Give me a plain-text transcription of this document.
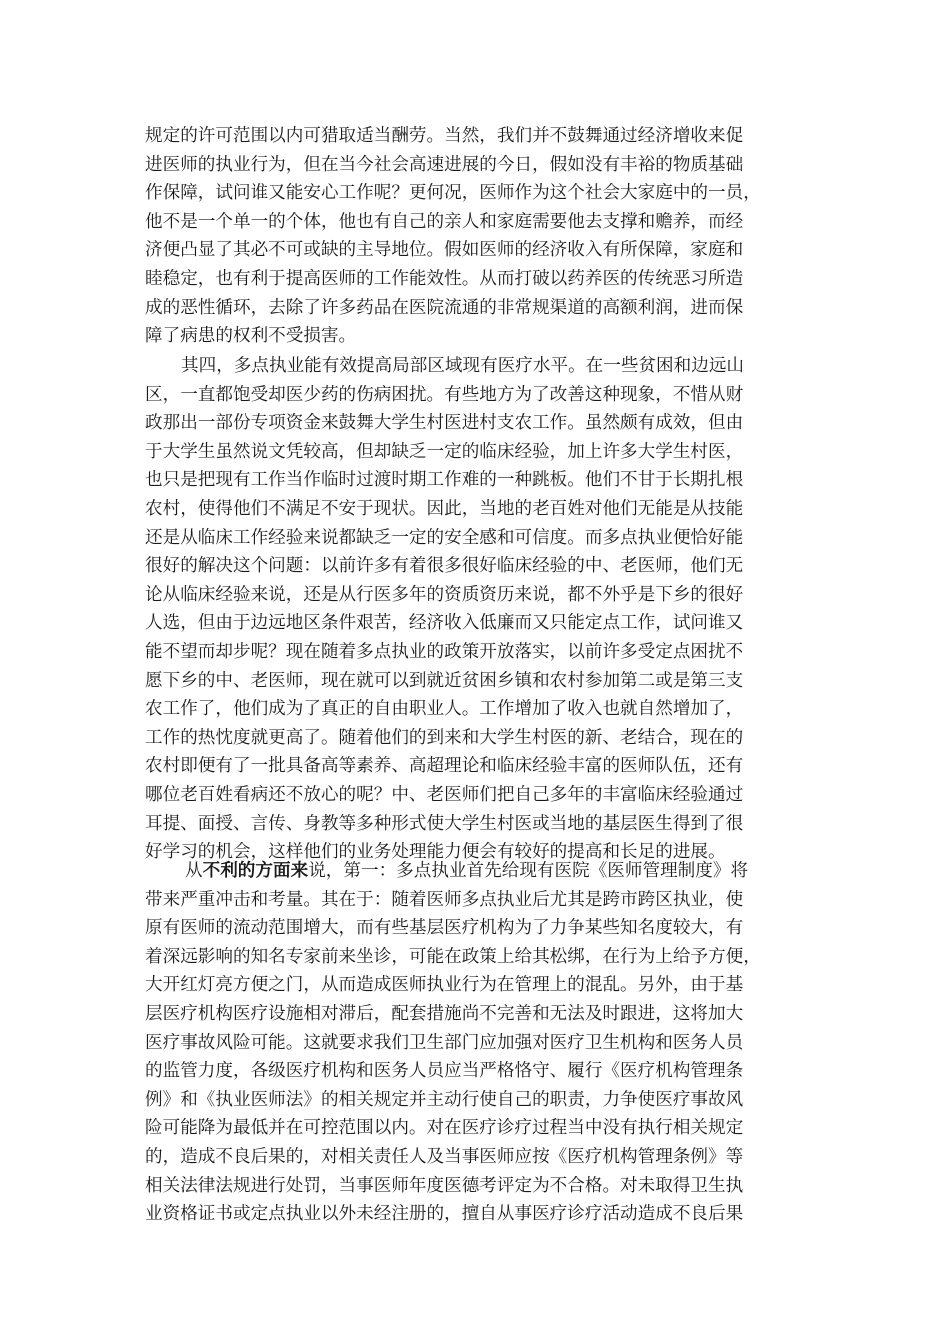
规定的许可范围以内可猎取适当酬劳。当然，我们并不鼓舞通过经济增收来促
进医师的执业行为，但在当今社会高速进展的今日，假如没有丰裕的物质基础
作保障，试问谁又能安心工作呢？更何况，医师作为这个社会大家庭中的一员，
他不是一个单一的个体，他也有自己的亲人和家庭需要他去支撑和赡养，而经
济便凸显了其必不可或缺的主导地位。假如医师的经济收入有所保障，家庭和
睦稳定，也有利于提高医师的工作能效性。从而打破以药养医的传统恶习所造
成的恶性循环，去除了许多药品在医院流通的非常规渠道的高额利润，进而保
障了病患的权利不受损害。
其四，多点执业能有效提高局部区域现有医疗水平。在一些贫困和边远山
区，一直都饱受却医少药的伤病困扰。有些地方为了改善这种现象，不惜从财
政那出一部份专项资金来鼓舞大学生村医进村支农工作。虽然颇有成效，但由
于大学生虽然说文凭较高，但却缺乏一定的临床经验，加上许多大学生村医，
也只是把现有工作当作临时过渡时期工作难的一种跳板。他们不甘于长期扎根
农村，使得他们不满足不安于现状。因此，当地的老百姓对他们无能是从技能
还是从临床工作经验来说都缺乏一定的安全感和可信度。而多点执业便恰好能
很好的解决这个问题：以前许多有着很多很好临床经验的中、老医师，他们无
论从临床经验来说，还是从行医多年的资质资历来说，都不外乎是下乡的很好
人选，但由于边远地区条件艰苦，经济收入低廉而又只能定点工作，试问谁又
能不望而却步呢？现在随着多点执业的政策开放落实，以前许多受定点困扰不
愿下乡的中、老医师，现在就可以到就近贫困乡镇和农村参加第二或是第三支
农工作了，他们成为了真正的自由职业人。工作增加了收入也就自然增加了，
工作的热忱度就更高了。随着他们的到来和大学生村医的新、老结合，现在的
农村即便有了一批具备高等素养、高超理论和临床经验丰富的医师队伍，还有
哪位老百姓看病还不放心的呢？中、老医师们把自己多年的丰富临床经验通过
耳提、面授、言传、身教等多种形式使大学生村医或当地的基层医生得到了很
好学习的机会，这样他们的业务处理能力便会有较好的提高和长足的进展。
从不利的方面来说，第一：多点执业首先给现有医院《医师管理制度》将
带来严重冲击和考量。其在于：随着医师多点执业后尤其是跨市跨区执业，使
原有医师的流动范围增大，而有些基层医疗机构为了力争某些知名度较大，有
着深远影响的知名专家前来坐诊，可能在政策上给其松绑，在行为上给予方便，
大开红灯亮方便之门，从而造成医师执业行为在管理上的混乱。另外，由于基
层医疗机构医疗设施相对滞后，配套措施尚不完善和无法及时跟进，这将加大
医疗事故风险可能。这就要求我们卫生部门应加强对医疗卫生机构和医务人员
的监管力度，各级医疗机构和医务人员应当严格恪守、履行《医疗机构管理条
例》和《执业医师法》的相关规定并主动行使自己的职责，力争使医疗事故风
险可能降为最低并在可控范围以内。对在医疗诊疗过程当中没有执行相关规定
的，造成不良后果的，对相关责任人及当事医师应按《医疗机构管理条例》等
相关法律法规进行处罚，当事医师年度医德考评定为不合格。对未取得卫生执
业资格证书或定点执业以外未经注册的，擅自从事医疗诊疗活动造成不良后果
